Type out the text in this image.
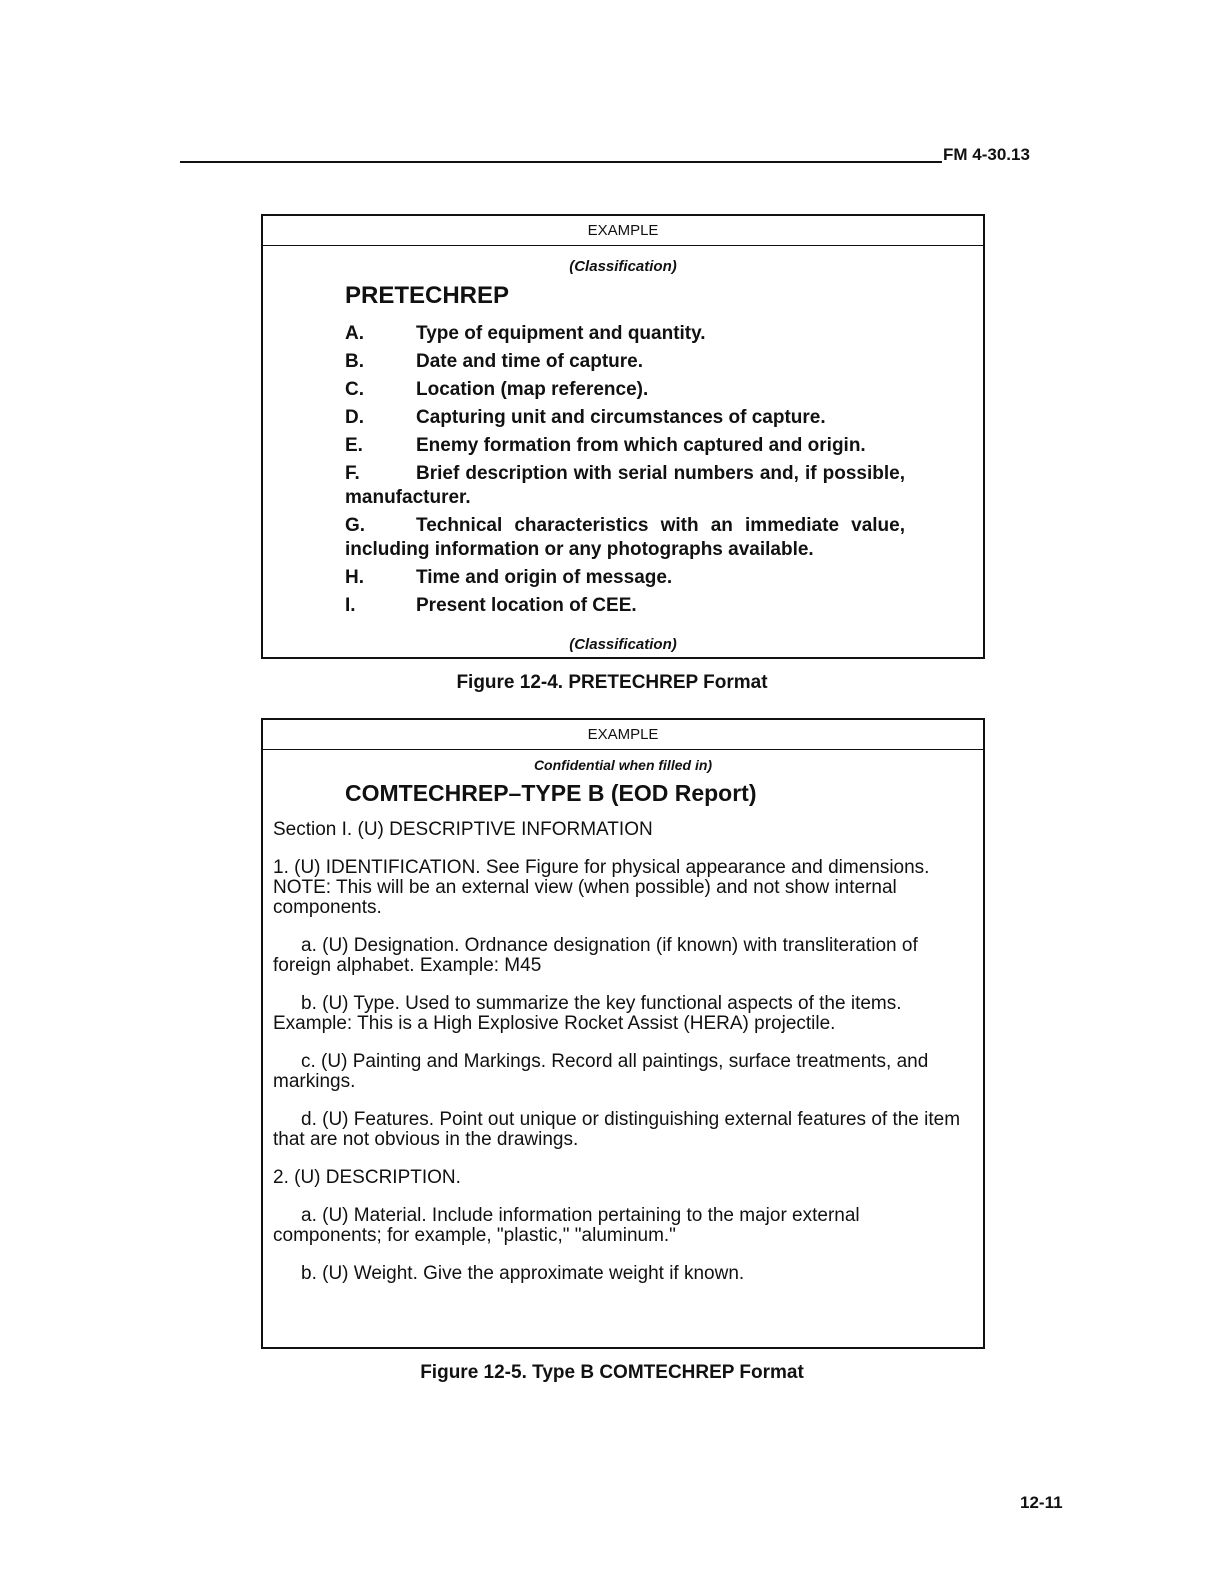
FM 4-30.13
EXAMPLE
(Classification)
PRETECHREP
A.	Type of equipment and quantity.
B.	Date and time of capture.
C.	Location (map reference).
D.	Capturing unit and circumstances of capture.
E.	Enemy formation from which captured and origin.
F.	Brief description with serial numbers and, if possible, manufacturer.
G.	Technical characteristics with an immediate value, including information or any photographs available.
H.	Time and origin of message.
I.	Present location of CEE.
(Classification)
Figure 12-4. PRETECHREP Format
EXAMPLE
Confidential when filled in)
COMTECHREP–TYPE B (EOD Report)

Section I. (U) DESCRIPTIVE INFORMATION

1. (U) IDENTIFICATION. See Figure for physical appearance and dimensions. NOTE: This will be an external view (when possible) and not show internal components.

a. (U) Designation. Ordnance designation (if known) with transliteration of foreign alphabet. Example: M45

b. (U) Type. Used to summarize the key functional aspects of the items. Example: This is a High Explosive Rocket Assist (HERA) projectile.

c. (U) Painting and Markings. Record all paintings, surface treatments, and markings.

d. (U) Features. Point out unique or distinguishing external features of the item that are not obvious in the drawings.

2. (U) DESCRIPTION.

a. (U) Material. Include information pertaining to the major external components; for example, "plastic," "aluminum."

b. (U) Weight. Give the approximate weight if known.

Figure 12-5. Type B COMTECHREP Format
12-11
